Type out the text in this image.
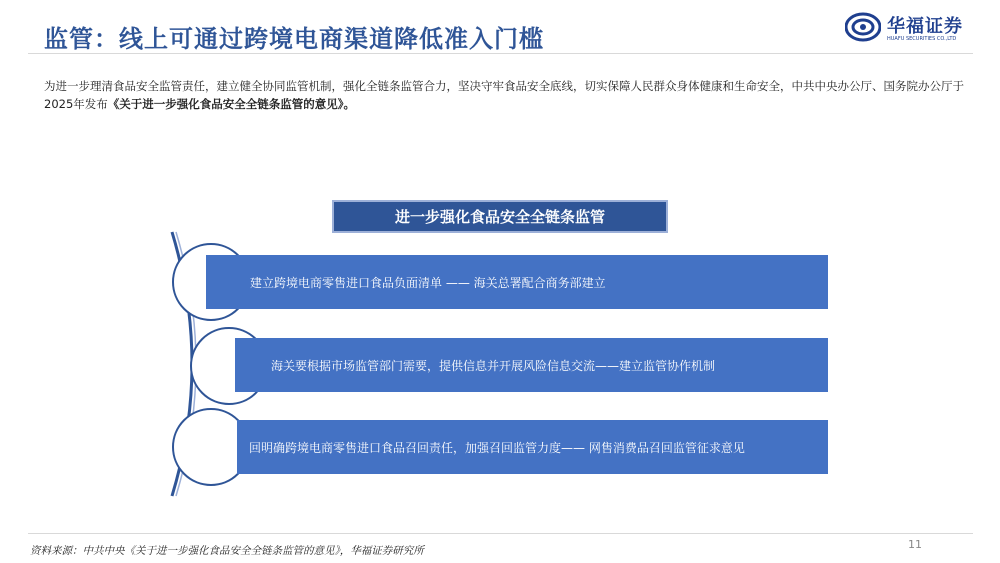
监管：线上可通过跨境电商渠道降低准入门槛	华福证券
HUAFU SECURITIES CO.,LTD
为进一步理清食品安全监管责任，建立健全协同监管机制，强化全链条监管合力，坚决守牢食品安全底线，切实保障人民群众身体健康和生命安全，中共中央办公厅、国务院办公厅于2025年发布《关于进一步强化食品安全全链条监管的意见》。
进一步强化食品安全全链条监管
建立跨境电商零售进口食品负面清单 —— 海关总署配合商务部建立
海关要根据市场监管部门需要，提供信息并开展风险信息交流——建立监管协作机制
回明确跨境电商零售进口食品召回责任，加强召回监管力度—— 网售消费品召回监管征求意见
资料来源：中共中央《关于进一步强化食品安全全链条监管的意见》，华福证券研究所	11
